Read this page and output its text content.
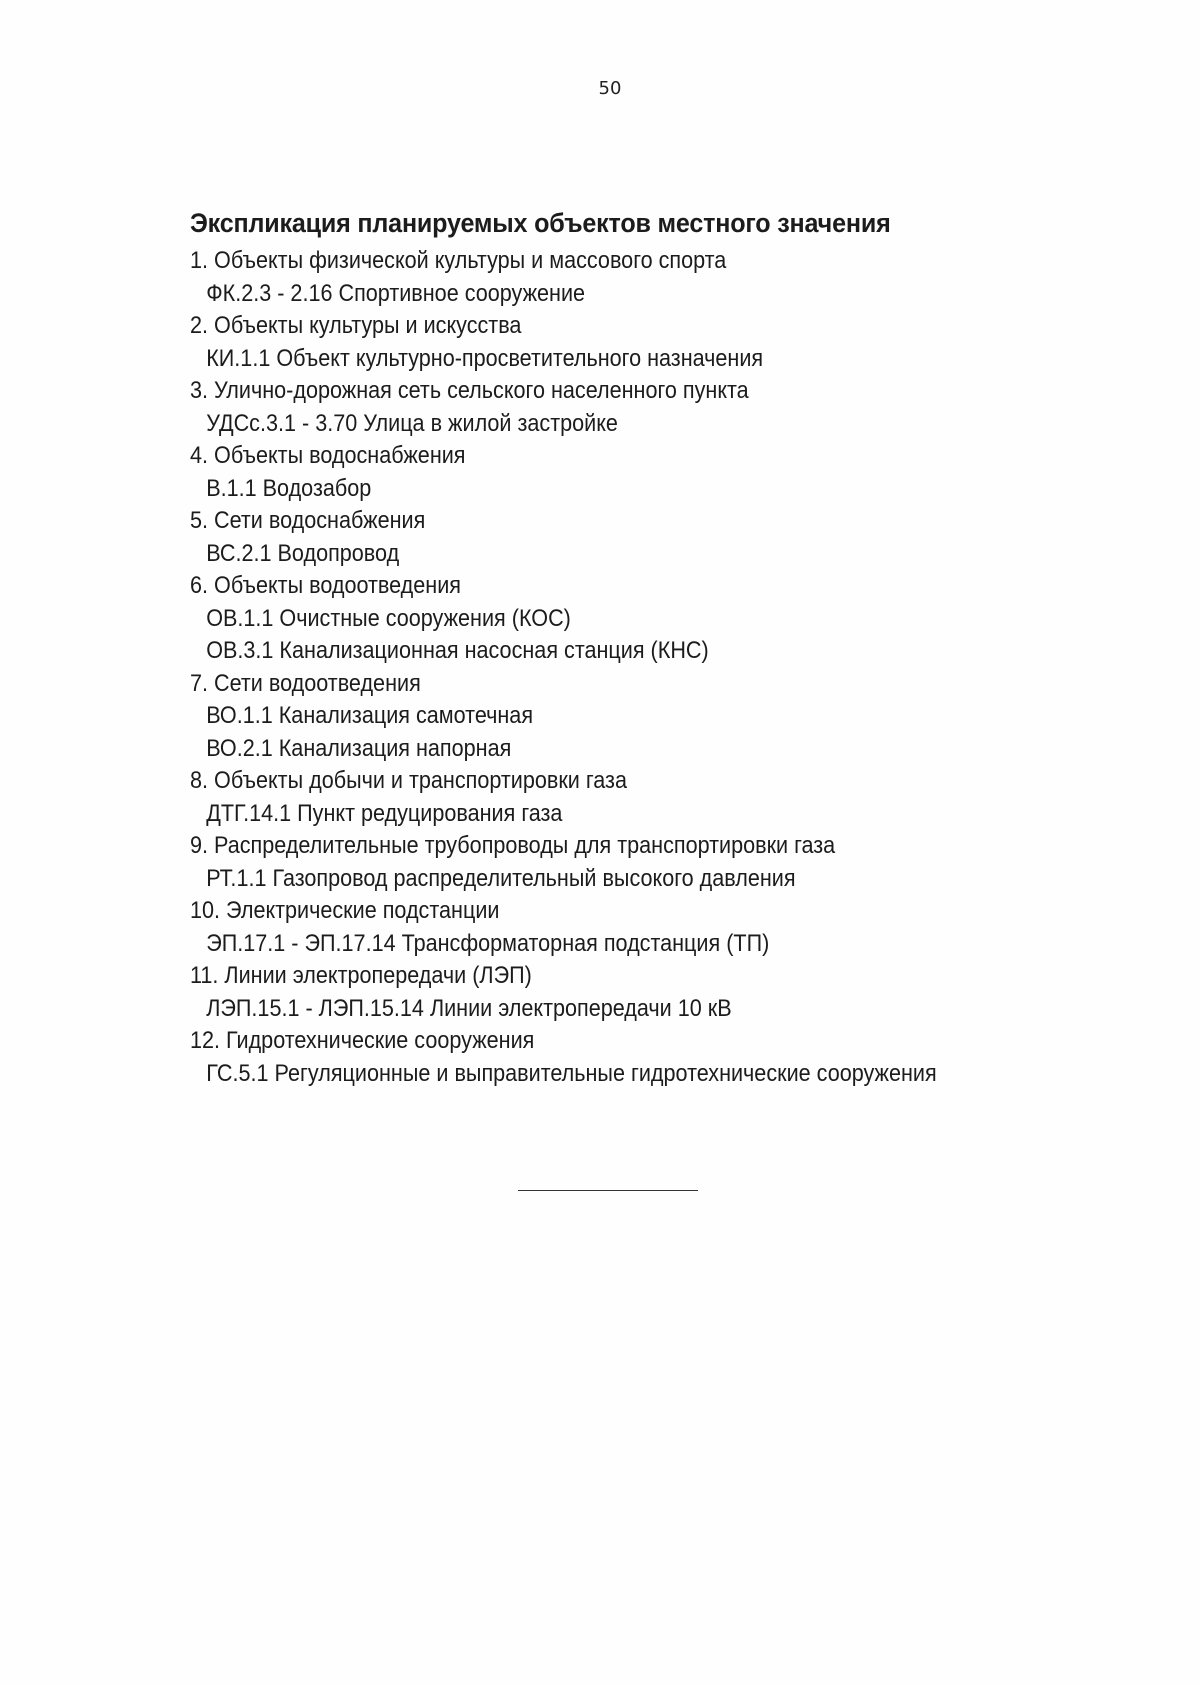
50
Экспликация планируемых объектов местного значения
1. Объекты физической культуры и массового спорта
ФК.2.3 - 2.16 Спортивное сооружение
2. Объекты культуры и искусства
КИ.1.1 Объект культурно-просветительного назначения
3. Улично-дорожная сеть сельского населенного пункта
УДСс.3.1 - 3.70 Улица в жилой застройке
4. Объекты водоснабжения
В.1.1 Водозабор
5. Сети водоснабжения
ВС.2.1 Водопровод
6. Объекты водоотведения
ОВ.1.1 Очистные сооружения (КОС)
ОВ.3.1 Канализационная насосная станция (КНС)
7. Сети водоотведения
ВО.1.1 Канализация самотечная
ВО.2.1 Канализация напорная
8. Объекты добычи и транспортировки газа
ДТГ.14.1 Пункт редуцирования газа
9. Распределительные трубопроводы для транспортировки газа
РТ.1.1 Газопровод распределительный высокого давления
10. Электрические подстанции
ЭП.17.1 - ЭП.17.14 Трансформаторная подстанция (ТП)
11. Линии электропередачи (ЛЭП)
ЛЭП.15.1 - ЛЭП.15.14 Линии электропередачи 10 кВ
12. Гидротехнические сооружения
ГС.5.1 Регуляционные и выправительные гидротехнические сооружения
